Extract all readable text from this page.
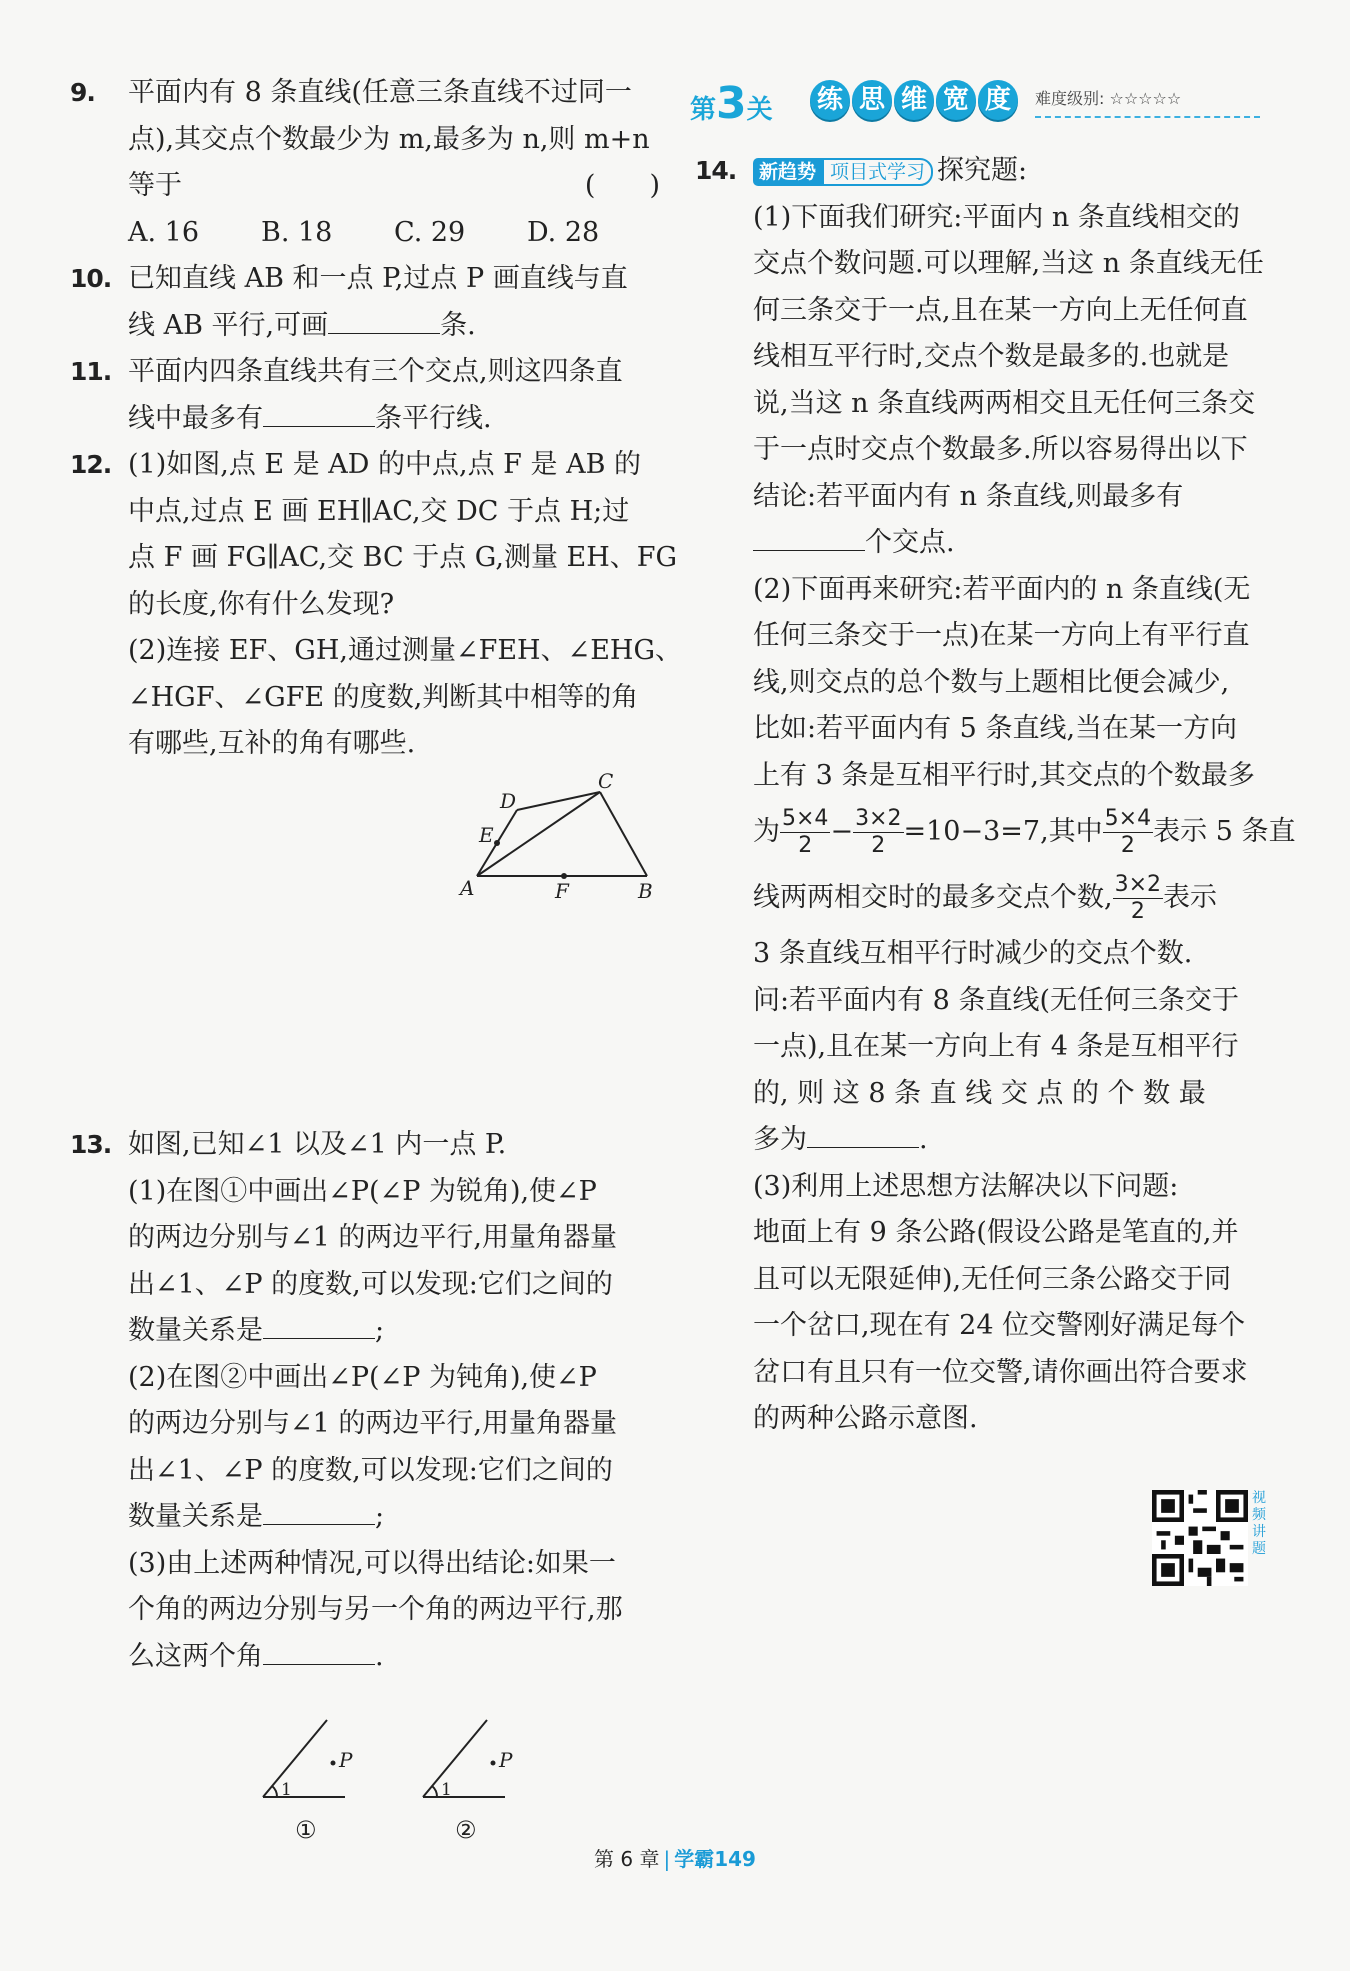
9. 平面内有 8 条直线(任意三条直线不过同一
点),其交点个数最少为 m,最多为 n,则 m+n
等于	(　　)
A. 16	B. 18	C. 29	D. 28
10. 已知直线 AB 和一点 P,过点 P 画直线与直
线 AB 平行,可画	条.
11. 平面内四条直线共有三个交点,则这四条直
线中最多有	条平行线.
12. (1)如图,点 E 是 AD 的中点,点 F 是 AB 的
中点,过点 E 画 EH∥AC,交 DC 于点 H;过
点 F 画 FG∥AC,交 BC 于点 G,测量 EH、FG
的长度,你有什么发现?
(2)连接 EF、GH,通过测量∠FEH、∠EHG、
∠HGF、∠GFE 的度数,判断其中相等的角
有哪些,互补的角有哪些.
A	B
C
D
E
F
13. 如图,已知∠1 以及∠1 内一点 P.
(1)在图①中画出∠P(∠P 为锐角),使∠P
的两边分别与∠1 的两边平行,用量角器量
出∠1、∠P 的度数,可以发现:它们之间的
数量关系是	;
(2)在图②中画出∠P(∠P 为钝角),使∠P
的两边分别与∠1 的两边平行,用量角器量
出∠1、∠P 的度数,可以发现:它们之间的
数量关系是	;
(3)由上述两种情况,可以得出结论:如果一
个角的两边分别与另一个角的两边平行,那
么这两个角	.
P
1
①
P
1
②
第3关 练 思 维 宽 度	难度级别: ☆☆☆☆☆
14.	新趋势 项目式学习 探究题:
(1)下面我们研究:平面内 n 条直线相交的
交点个数问题.可以理解,当这 n 条直线无任
何三条交于一点,且在某一方向上无任何直
线相互平行时,交点个数是最多的.也就是
说,当这 n 条直线两两相交且无任何三条交
于一点时交点个数最多.所以容易得出以下
结论:若平面内有 n 条直线,则最多有
个交点.
(2)下面再来研究:若平面内的 n 条直线(无
任何三条交于一点)在某一方向上有平行直
线,则交点的总个数与上题相比便会减少,
比如:若平面内有 5 条直线,当在某一方向
上有 3 条是互相平行时,其交点的个数最多
为 $\frac{5\times 4}{2} - \frac{3\times 2}{2} =10-3=7$,其中 $\frac{5\times 4}{2}$ 表示 5 条直
线两两相交时的最多交点个数, $\frac{3\times 2}{2}$ 表示
3 条直线互相平行时减少的交点个数.
问:若平面内有 8 条直线(无任何三条交于
一点),且在某一方向上有 4 条是互相平行
的, 则 这 8 条 直 线 交 点 的 个 数 最
多为	.
(3)利用上述思想方法解决以下问题:
地面上有 9 条公路(假设公路是笔直的,并
且可以无限延伸),无任何三条公路交于同
一个岔口,现在有 24 位交警刚好满足每个
岔口有且只有一位交警,请你画出符合要求
的两种公路示意图.
视频讲题
第 6 章 | 学霸149
